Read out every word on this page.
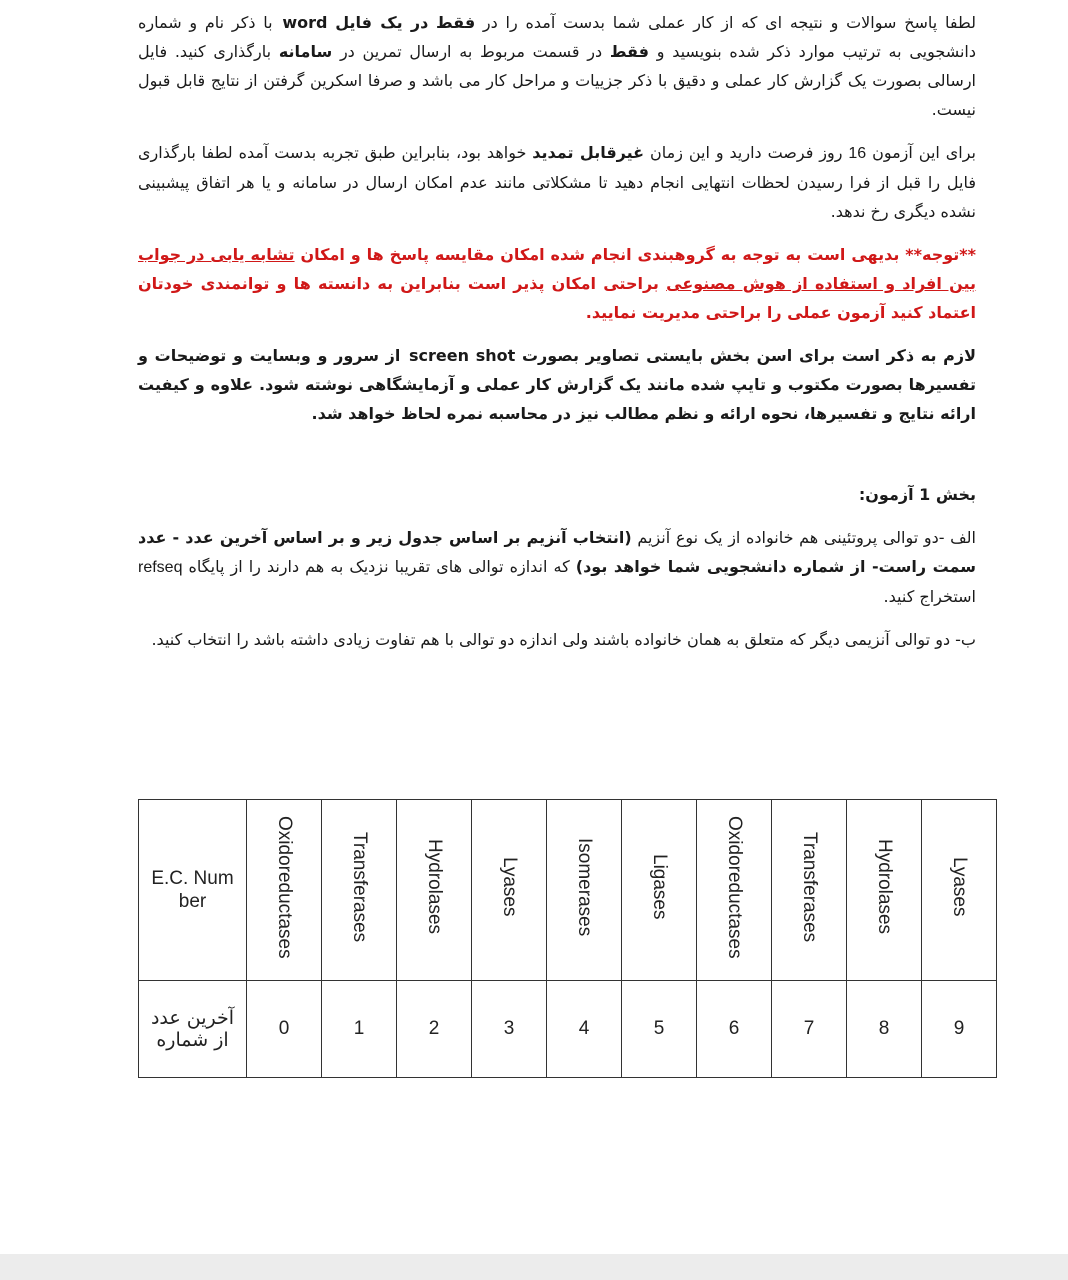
لطفا پاسخ سوالات و نتیجه ای که از کار عملی شما بدست آمده را در فقط در یک فایل word با ذکر نام و شماره دانشجویی به ترتیب موارد ذکر شده بنویسید و فقط در قسمت مربوط به ارسال تمرین در سامانه بارگذاری کنید. فایل ارسالی بصورت یک گزارش کار عملی و دقیق با ذکر جزییات و مراحل کار می باشد و صرفا اسکرین گرفتن از نتایج قابل قبول نیست.

برای این آزمون 16 روز فرصت دارید و این زمان غیرقابل تمدید خواهد بود، بنابراین طبق تجربه بدست آمده لطفا بارگذاری فایل را قبل از فرا رسیدن لحظات انتهایی انجام دهید تا مشکلاتی مانند عدم امکان ارسال در سامانه و یا هر اتفاق پیشبینی نشده دیگری رخ ندهد.

**توجه** بدیهی است به توجه به گروهبندی انجام شده امکان مقایسه پاسخ ها و امکان تشابه یابی در جواب بین افراد و استفاده از هوش مصنوعی براحتی امکان پذیر است بنابراین به دانسته ها و توانمندی خودتان اعتماد کنید آزمون عملی را براحتی مدیریت نمایید.

لازم به ذکر است برای اسن بخش بایستی تصاویر بصورت screen shot از سرور و وبسایت و توضیحات و تفسیرها بصورت مکتوب و تایپ شده مانند یک گزارش کار عملی و آزمایشگاهی نوشته شود. علاوه و کیفیت ارائه نتایج و تفسیرها، نحوه ارائه و نظم مطالب نیز در محاسبه نمره لحاظ خواهد شد.

بخش 1 آزمون:

الف -دو توالی پروتئینی هم خانواده از یک نوع آنزیم (انتخاب آنزیم بر اساس جدول زیر و بر اساس آخرین عدد - عدد سمت راست- از شماره دانشجویی شما خواهد بود) که اندازه توالی های تقریبا نزدیک به هم دارند را از پایگاه refseq استخراج کنید.

ب- دو توالی آنزیمی دیگر که متعلق به همان خانواده باشند ولی اندازه دو توالی با هم تفاوت زیادی داشته باشد را انتخاب کنید.

E.C. Number	Oxidoreductases	Transferases	Hydrolases	Lyases	Isomerases	Ligases	Oxidoreductases	Transferases	Hydrolases	Lyases
آخرین عدد از شماره	0	1	2	3	4	5	6	7	8	9
